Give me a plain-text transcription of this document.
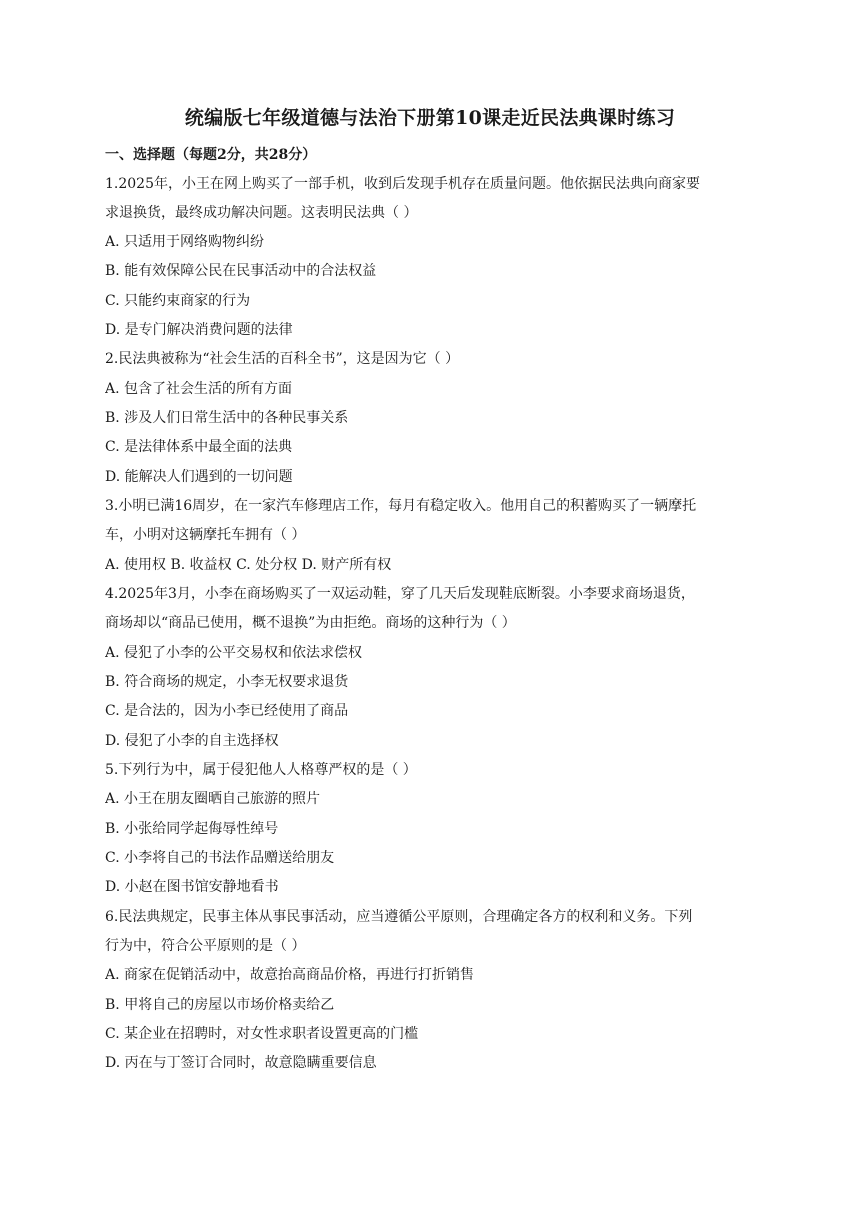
统编版七年级道德与法治下册第10课走近民法典课时练习
一、选择题（每题2分，共28分）
1.2025年，小王在网上购买了一部手机，收到后发现手机存在质量问题。他依据民法典向商家要
求退换货，最终成功解决问题。这表明民法典（ ）
A. 只适用于网络购物纠纷
B. 能有效保障公民在民事活动中的合法权益
C. 只能约束商家的行为
D. 是专门解决消费问题的法律
2.民法典被称为“社会生活的百科全书”，这是因为它（ ）
A. 包含了社会生活的所有方面
B. 涉及人们日常生活中的各种民事关系
C. 是法律体系中最全面的法典
D. 能解决人们遇到的一切问题
3.小明已满16周岁，在一家汽车修理店工作，每月有稳定收入。他用自己的积蓄购买了一辆摩托
车，小明对这辆摩托车拥有（ ）
A. 使用权 B. 收益权 C. 处分权 D. 财产所有权
4.2025年3月，小李在商场购买了一双运动鞋，穿了几天后发现鞋底断裂。小李要求商场退货，
商场却以“商品已使用，概不退换”为由拒绝。商场的这种行为（ ）
A. 侵犯了小李的公平交易权和依法求偿权
B. 符合商场的规定，小李无权要求退货
C. 是合法的，因为小李已经使用了商品
D. 侵犯了小李的自主选择权
5.下列行为中，属于侵犯他人人格尊严权的是（ ）
A. 小王在朋友圈晒自己旅游的照片
B. 小张给同学起侮辱性绰号
C. 小李将自己的书法作品赠送给朋友
D. 小赵在图书馆安静地看书
6.民法典规定，民事主体从事民事活动，应当遵循公平原则，合理确定各方的权利和义务。下列
行为中，符合公平原则的是（ ）
A. 商家在促销活动中，故意抬高商品价格，再进行打折销售
B. 甲将自己的房屋以市场价格卖给乙
C. 某企业在招聘时，对女性求职者设置更高的门槛
D. 丙在与丁签订合同时，故意隐瞒重要信息
